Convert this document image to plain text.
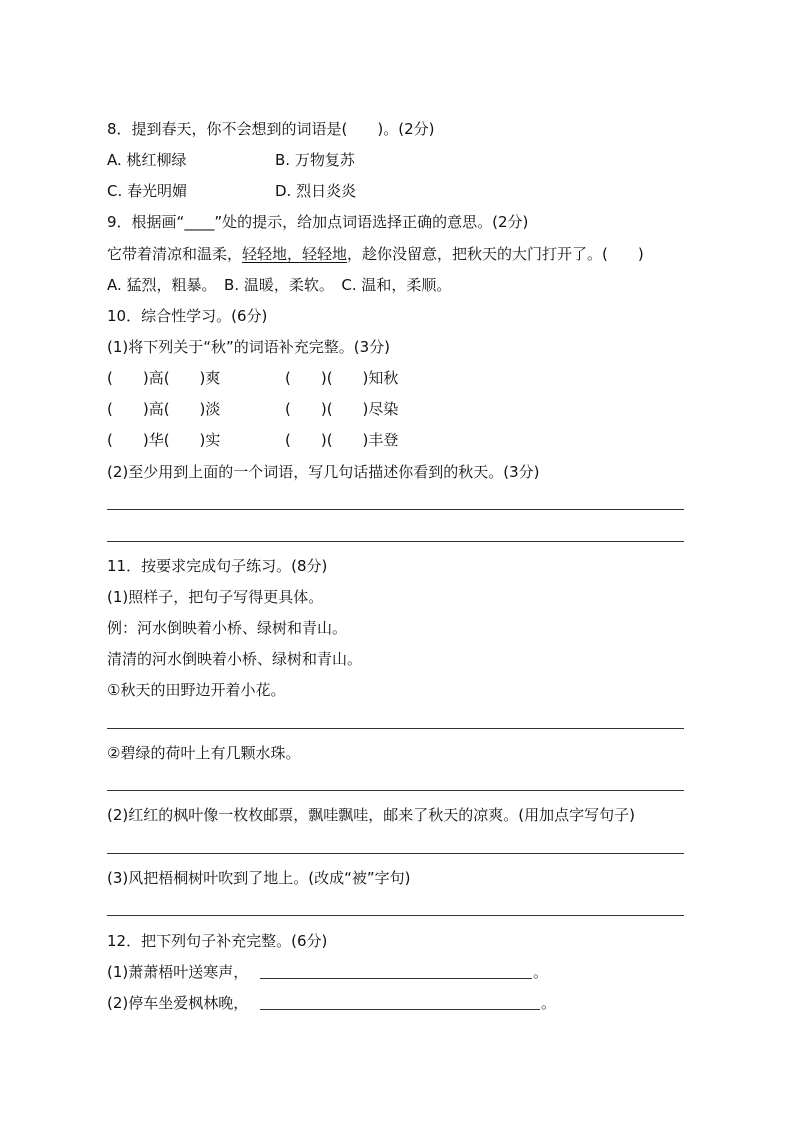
8．提到春天，你不会想到的词语是(　　)。(2分)
A. 桃红柳绿	B. 万物复苏
C. 春光明媚	D. 烈日炎炎
9．根据画“____”处的提示，给加点词语选择正确的意思。(2分)
它带着清凉和温柔，轻轻地，轻轻地，趁你没留意，把秋天的大门打开了。(　　)
A. 猛烈，粗暴。　B. 温暖，柔软。　C. 温和，柔顺。
10．综合性学习。(6分)
(1)将下列关于“秋”的词语补充完整。(3分)
(　　)高(　　)爽	(　　)(　　)知秋
(　　)高(　　)淡	(　　)(　　)尽染
(　　)华(　　)实	(　　)(　　)丰登
(2)至少用到上面的一个词语，写几句话描述你看到的秋天。(3分)
11．按要求完成句子练习。(8分)
(1)照样子，把句子写得更具体。
例：河水倒映着小桥、绿树和青山。
清清的河水倒映着小桥、绿树和青山。
①秋天的田野边开着小花。
②碧绿的荷叶上有几颗水珠。
(2)红红的枫叶像一枚枚邮票，飘哇飘哇，邮来了秋天的凉爽。(用加点字写句子)
(3)风把梧桐树叶吹到了地上。(改成“被”字句)
12．把下列句子补充完整。(6分)
(1)萧萧梧叶送寒声，	。
(2)停车坐爱枫林晚，	。
